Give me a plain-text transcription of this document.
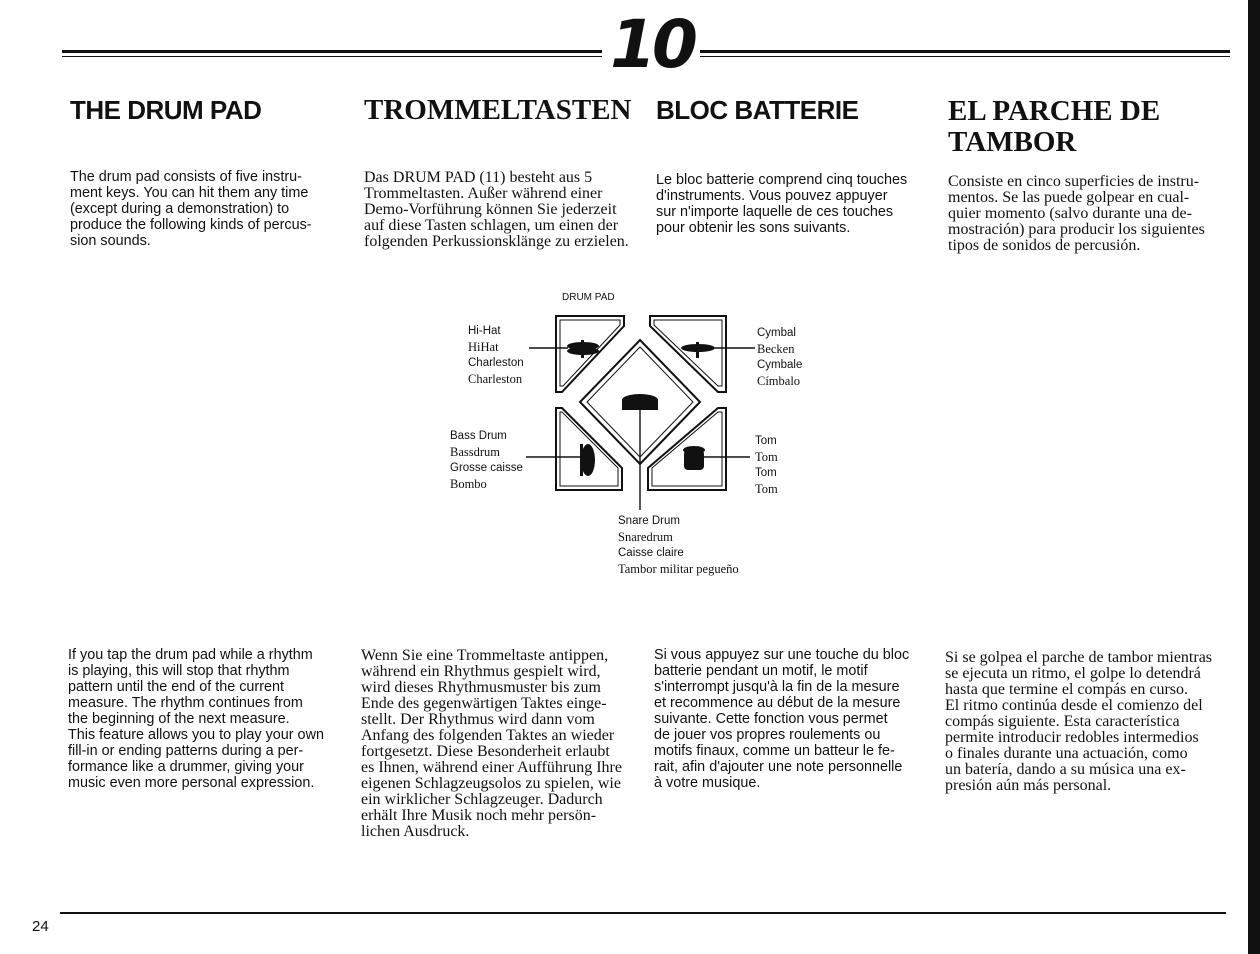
10
THE DRUM PAD	TROMMELTASTEN BLOC BATTERIE	EL PARCHE DE
TAMBOR
The drum pad consists of five instru-
ment keys. You can hit them any time
(except during a demonstration) to
produce the following kinds of percus-
sion sounds.
Das DRUM PAD (11) besteht aus 5
Trommeltasten. Außer während einer
Demo-Vorführung können Sie jederzeit
auf diese Tasten schlagen, um einen der
folgenden Perkussionsklänge zu erzielen.
Le bloc batterie comprend cinq touches
d'instruments. Vous pouvez appuyer
sur n'importe laquelle de ces touches
pour obtenir les sons suivants.
Consiste en cinco superficies de instru-
mentos. Se las puede golpear en cual-
quier momento (salvo durante una de-
mostración) para producir los siguientes
tipos de sonidos de percusión.
DRUM PAD
Hi-Hat
HiHat
Charleston
Charleston
Cymbal
Becken
Cymbale
Címbalo
Bass Drum
Bassdrum
Grosse caisse
Bombo
Tom
Tom
Tom
Tom
Snare Drum
Snaredrum
Caisse claire
Tambor militar pegueño
If you tap the drum pad while a rhythm
is playing, this will stop that rhythm
pattern until the end of the current
measure. The rhythm continues from
the beginning of the next measure.
This feature allows you to play your own
fill-in or ending patterns during a per-
formance like a drummer, giving your
music even more personal expression.
Wenn Sie eine Trommeltaste antippen,
während ein Rhythmus gespielt wird,
wird dieses Rhythmusmuster bis zum
Ende des gegenwärtigen Taktes einge-
stellt. Der Rhythmus wird dann vom
Anfang des folgenden Taktes an wieder
fortgesetzt. Diese Besonderheit erlaubt
es Ihnen, während einer Aufführung Ihre
eigenen Schlagzeugsolos zu spielen, wie
ein wirklicher Schlagzeuger. Dadurch
erhält Ihre Musik noch mehr persön-
lichen Ausdruck.
Si vous appuyez sur une touche du bloc
batterie pendant un motif, le motif
s'interrompt jusqu'à la fin de la mesure
et recommence au début de la mesure
suivante. Cette fonction vous permet
de jouer vos propres roulements ou
motifs finaux, comme un batteur le fe-
rait, afin d'ajouter une note personnelle
à votre musique.
Si se golpea el parche de tambor mientras
se ejecuta un ritmo, el golpe lo detendrá
hasta que termine el compás en curso.
El ritmo continúa desde el comienzo del
compás siguiente. Esta característica
permite introducir redobles intermedios
o finales durante una actuación, como
un batería, dando a su música una ex-
presión aún más personal.
24
